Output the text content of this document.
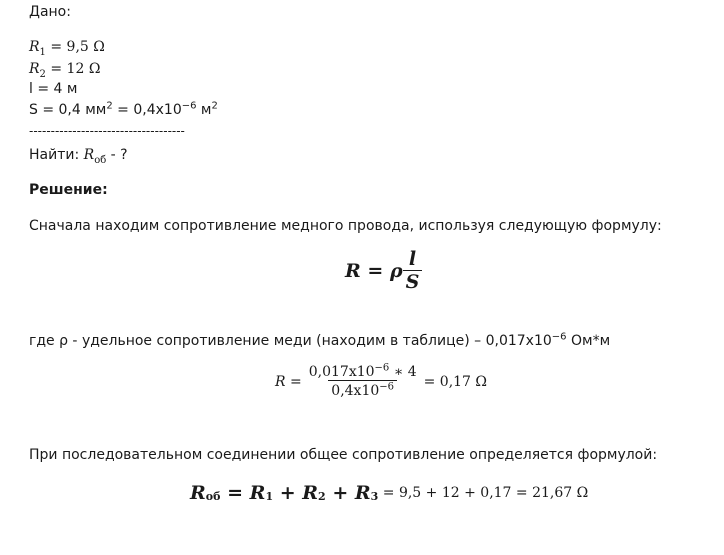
Дано:
$R_1 = 9,5$ Ω
$R_2 = 12$ Ω
l = 4 м
S = 0,4 $мм^2 = 0,4х10^{-6}$ $м^2$
------------------------------------
Найти: $R_{об}$ - ?
Решение:
Сначала находим сопротивление медного провода, используя следующую формулу:
R = ρ $\frac{l}{S}$
где ρ - удельное сопротивление меди (находим в таблице) – $0,017х10^{-6}$ Ом*м
$R = \frac{0,017х10^{-6} ∗ 4}{0,4х10^{-6}} = 0,17$ Ω
При последовательном соединении общее сопротивление определяется формулой:
R об = R 1 + R 2 + R 3 = 9,5 + 12 + 0,17 = 21,67 Ω
